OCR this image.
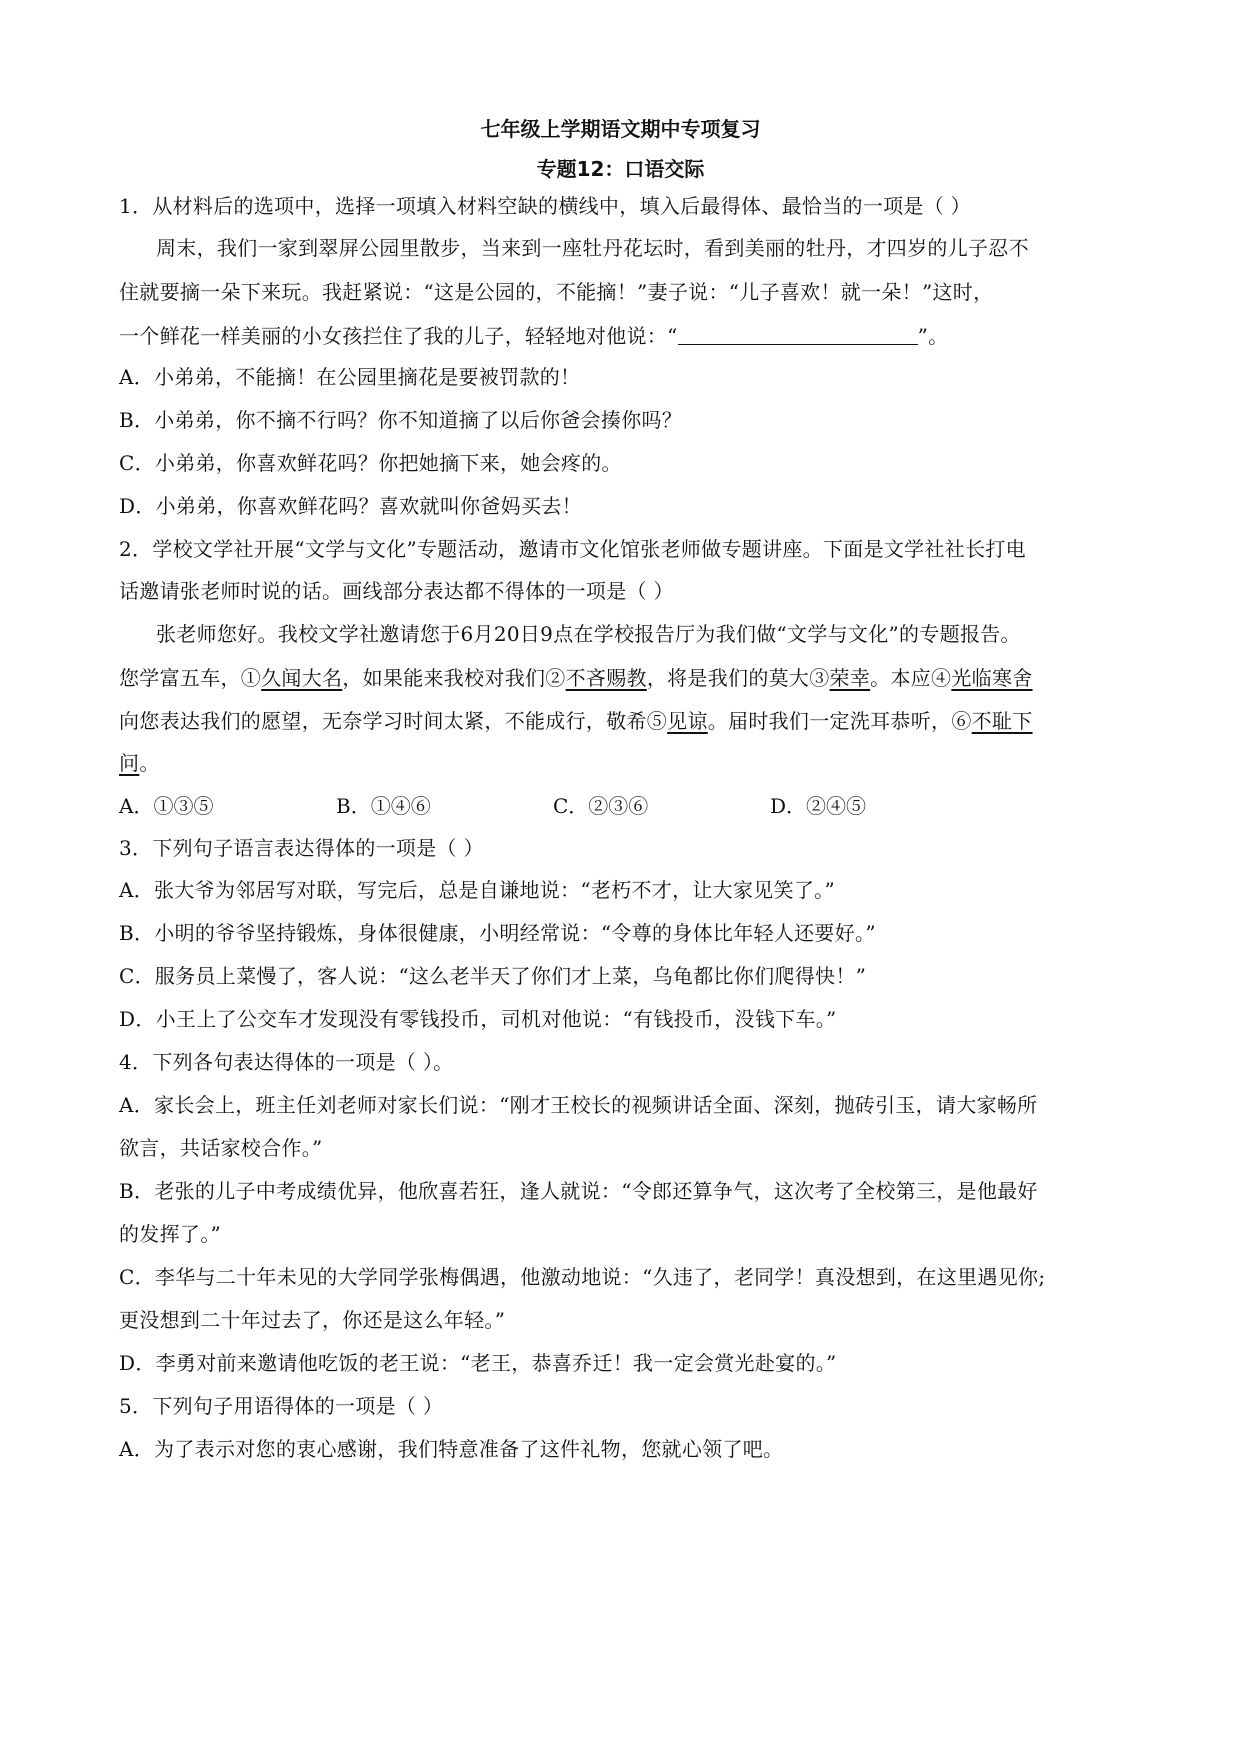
七年级上学期语文期中专项复习
专题12：口语交际
1．从材料后的选项中，选择一项填入材料空缺的横线中，填入后最得体、最恰当的一项是（ ）
周末，我们一家到翠屏公园里散步，当来到一座牡丹花坛时，看到美丽的牡丹，才四岁的儿子忍不
住就要摘一朵下来玩。我赶紧说：“这是公园的，不能摘！”妻子说：“儿子喜欢！就一朵！”这时，
一个鲜花一样美丽的小女孩拦住了我的儿子，轻轻地对他说：“	”。
A．小弟弟，不能摘！在公园里摘花是要被罚款的！
B．小弟弟，你不摘不行吗？你不知道摘了以后你爸会揍你吗？
C．小弟弟，你喜欢鲜花吗？你把她摘下来，她会疼的。
D．小弟弟，你喜欢鲜花吗？喜欢就叫你爸妈买去！
2．学校文学社开展“文学与文化”专题活动，邀请市文化馆张老师做专题讲座。下面是文学社社长打电
话邀请张老师时说的话。画线部分表达都不得体的一项是（ ）
张老师您好。我校文学社邀请您于6月20日9点在学校报告厅为我们做“文学与文化”的专题报告。
您学富五车，①久闻大名，如果能来我校对我们②不吝赐教，将是我们的莫大③荣幸。本应④光临寒舍
向您表达我们的愿望，无奈学习时间太紧，不能成行，敬希⑤见谅。届时我们一定洗耳恭听，⑥不耻下
问。
A．①③⑤	B．①④⑥	C．②③⑥	D．②④⑤
3．下列句子语言表达得体的一项是（ ）
A．张大爷为邻居写对联，写完后，总是自谦地说：“老朽不才，让大家见笑了。”
B．小明的爷爷坚持锻炼，身体很健康，小明经常说：“令尊的身体比年轻人还要好。”
C．服务员上菜慢了，客人说：“这么老半天了你们才上菜，乌龟都比你们爬得快！”
D．小王上了公交车才发现没有零钱投币，司机对他说：“有钱投币，没钱下车。”
4．下列各句表达得体的一项是（ ）。
A．家长会上，班主任刘老师对家长们说：“刚才王校长的视频讲话全面、深刻，抛砖引玉，请大家畅所
欲言，共话家校合作。”
B．老张的儿子中考成绩优异，他欣喜若狂，逢人就说：“令郎还算争气，这次考了全校第三，是他最好
的发挥了。”
C．李华与二十年未见的大学同学张梅偶遇，他激动地说：“久违了，老同学！真没想到，在这里遇见你;
更没想到二十年过去了，你还是这么年轻。”
D．李勇对前来邀请他吃饭的老王说：“老王，恭喜乔迁！我一定会赏光赴宴的。”
5．下列句子用语得体的一项是（ ）
A．为了表示对您的衷心感谢，我们特意准备了这件礼物，您就心领了吧。
